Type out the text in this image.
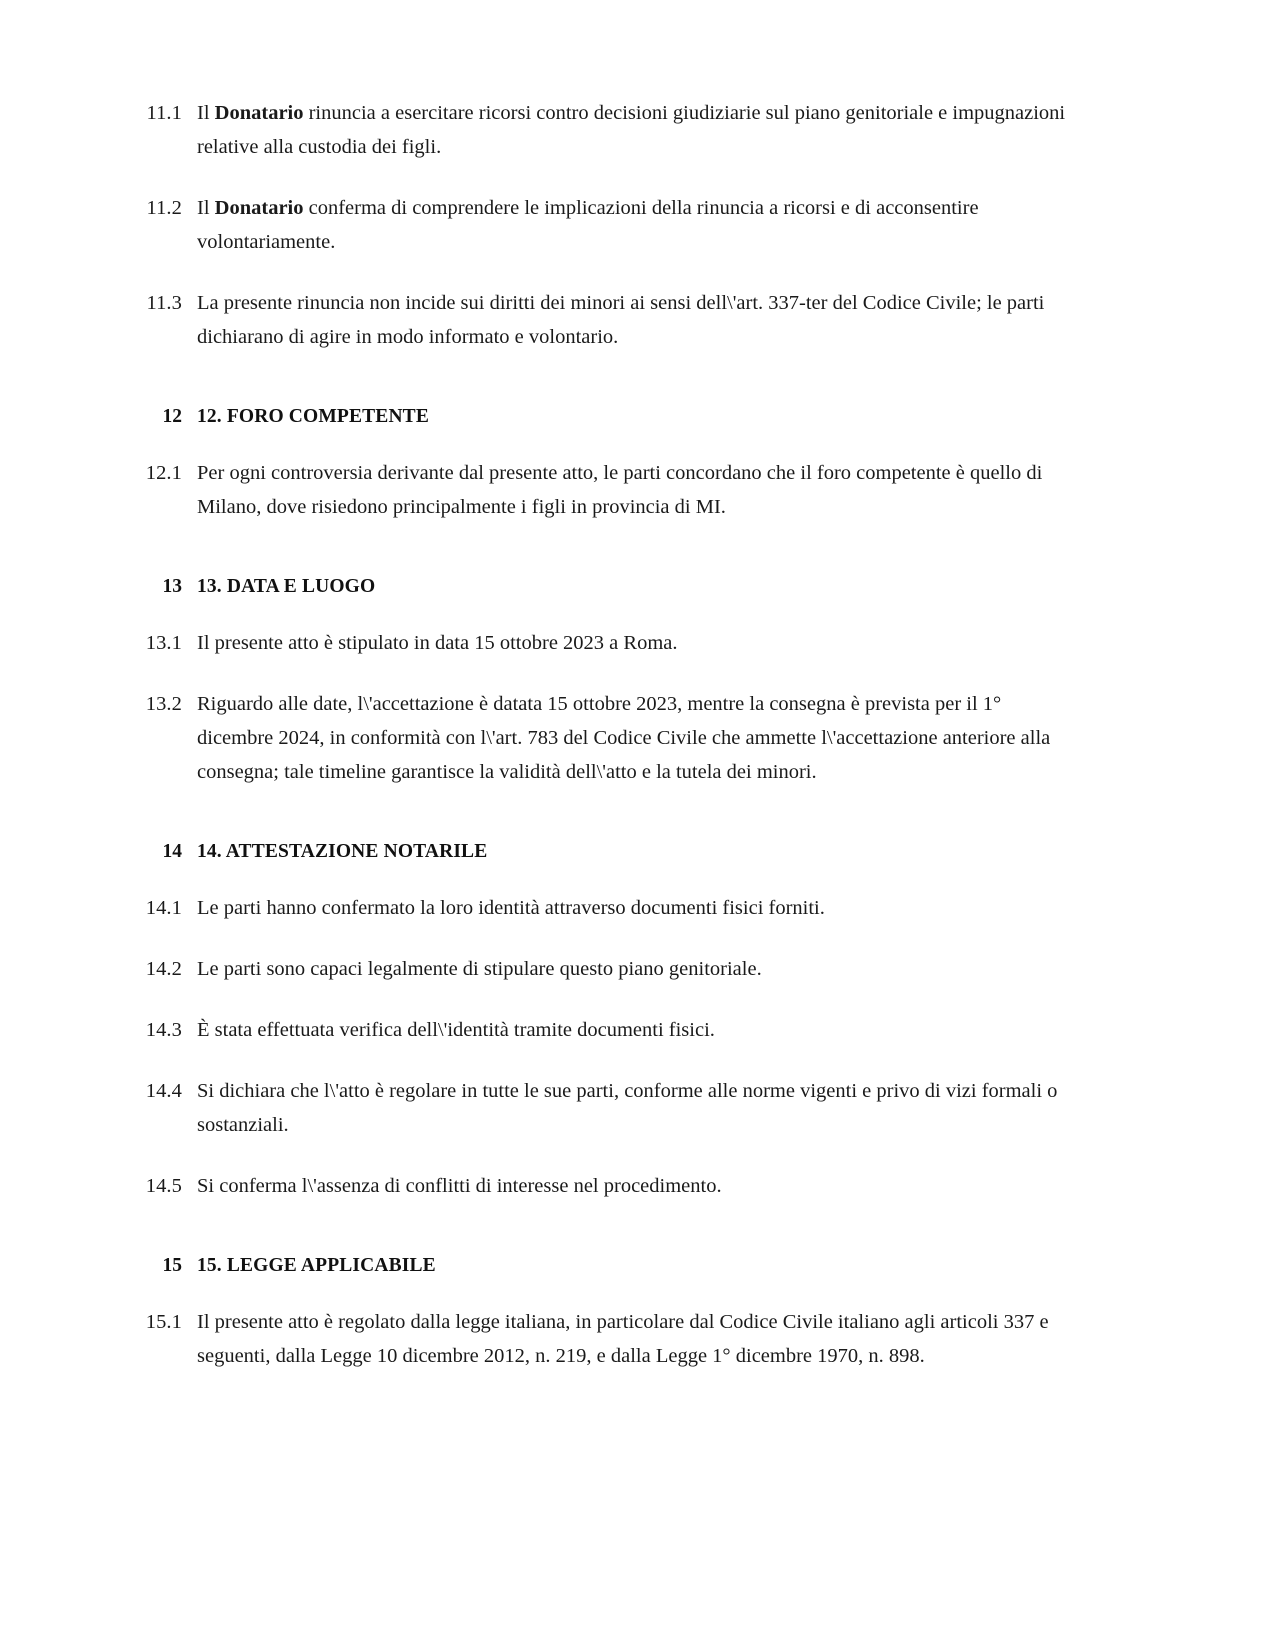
11.1 Il Donatario rinuncia a esercitare ricorsi contro decisioni giudiziarie sul piano genitoriale e impugnazioni relative alla custodia dei figli.
11.2 Il Donatario conferma di comprendere le implicazioni della rinuncia a ricorsi e di acconsentire volontariamente.
11.3 La presente rinuncia non incide sui diritti dei minori ai sensi dell\'art. 337-ter del Codice Civile; le parti dichiarano di agire in modo informato e volontario.
12 12. FORO COMPETENTE
12.1 Per ogni controversia derivante dal presente atto, le parti concordano che il foro competente è quello di Milano, dove risiedono principalmente i figli in provincia di MI.
13 13. DATA E LUOGO
13.1 Il presente atto è stipulato in data 15 ottobre 2023 a Roma.
13.2 Riguardo alle date, l\'accettazione è datata 15 ottobre 2023, mentre la consegna è prevista per il 1° dicembre 2024, in conformità con l\'art. 783 del Codice Civile che ammette l\'accettazione anteriore alla consegna; tale timeline garantisce la validità dell\'atto e la tutela dei minori.
14 14. ATTESTAZIONE NOTARILE
14.1 Le parti hanno confermato la loro identità attraverso documenti fisici forniti.
14.2 Le parti sono capaci legalmente di stipulare questo piano genitoriale.
14.3 È stata effettuata verifica dell\'identità tramite documenti fisici.
14.4 Si dichiara che l\'atto è regolare in tutte le sue parti, conforme alle norme vigenti e privo di vizi formali o sostanziali.
14.5 Si conferma l\'assenza di conflitti di interesse nel procedimento.
15 15. LEGGE APPLICABILE
15.1 Il presente atto è regolato dalla legge italiana, in particolare dal Codice Civile italiano agli articoli 337 e seguenti, dalla Legge 10 dicembre 2012, n. 219, e dalla Legge 1° dicembre 1970, n. 898.
